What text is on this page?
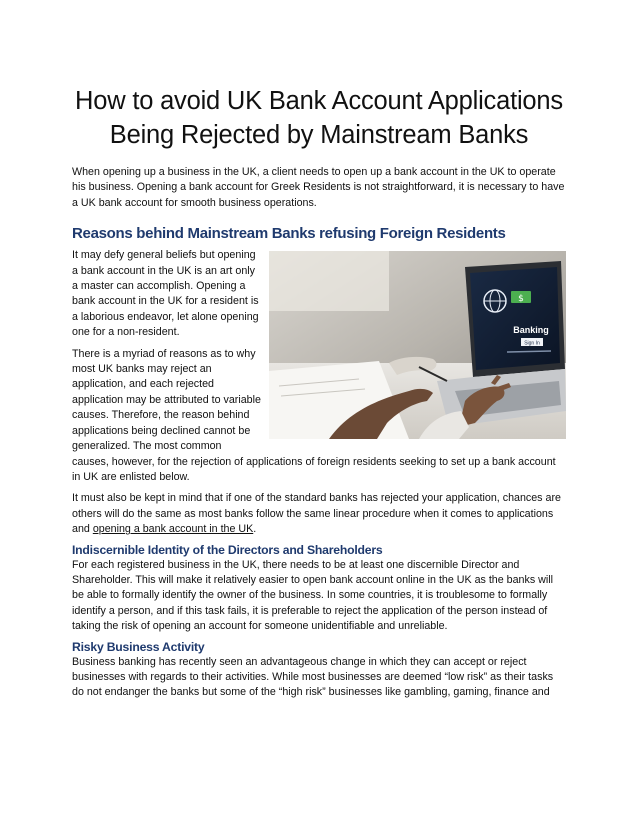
How to avoid UK Bank Account Applications Being Rejected by Mainstream Banks

When opening up a business in the UK, a client needs to open up a bank account in the UK to operate his business. Opening a bank account for Greek Residents is not straightforward, it is necessary to have a UK bank account for smooth business operations.

Reasons behind Mainstream Banks refusing Foreign Residents
$
Banking
Sign In

It may defy general beliefs but opening a bank account in the UK is an art only a master can accomplish. Opening a bank account in the UK for a resident is a laborious endeavor, let alone opening one for a non-resident.

There is a myriad of reasons as to why most UK banks may reject an application, and each rejected application may be attributed to variable causes. Therefore, the reason behind applications being declined cannot be generalized. The most common causes, however, for the rejection of applications of foreign residents seeking to set up a bank account in UK are enlisted below.

It must also be kept in mind that if one of the standard banks has rejected your application, chances are others will do the same as most banks follow the same linear procedure when it comes to applications and opening a bank account in the UK.

Indiscernible Identity of the Directors and Shareholders

For each registered business in the UK, there needs to be at least one discernible Director and Shareholder. This will make it relatively easier to open bank account online in the UK as the banks will be able to formally identify the owner of the business. In some countries, it is troublesome to formally identify a person, and if this task fails, it is preferable to reject the application of the person instead of taking the risk of opening an account for someone unidentifiable and unreliable.

Risky Business Activity

Business banking has recently seen an advantageous change in which they can accept or reject businesses with regards to their activities. While most businesses are deemed “low risk” as their tasks do not endanger the banks but some of the “high risk” businesses like gambling, gaming, finance and
